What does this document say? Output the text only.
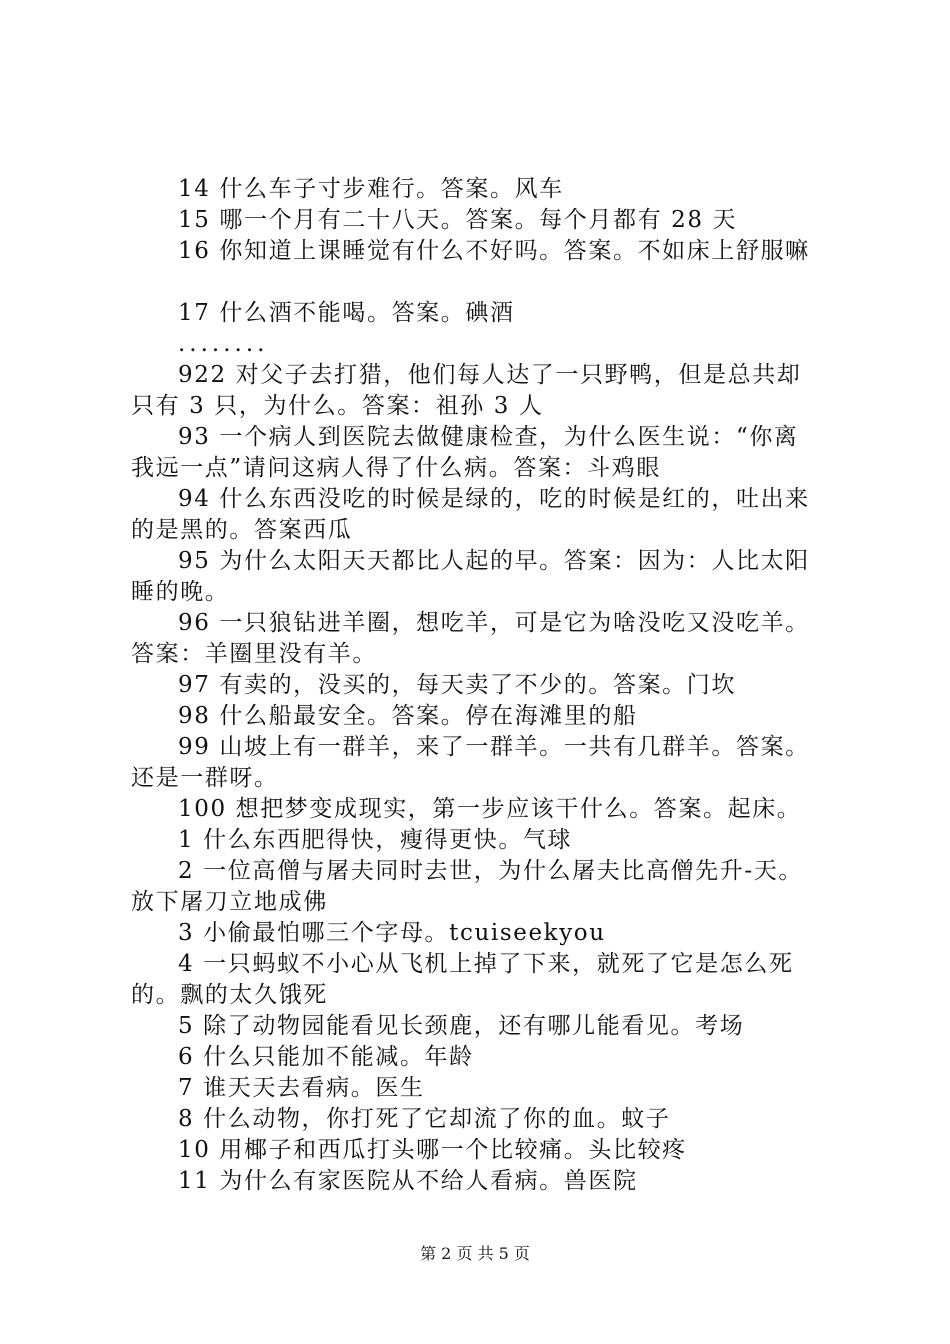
14 什么车子寸步难行。答案。风车
15 哪一个月有二十八天。答案。每个月都有 28 天
16 你知道上课睡觉有什么不好吗。答案。不如床上舒服嘛
17 什么酒不能喝。答案。碘酒
........
922 对父子去打猎，他们每人达了一只野鸭，但是总共却
只有 3 只，为什么。答案：祖孙 3 人
93 一个病人到医院去做健康检查，为什么医生说：“你离
我远一点”请问这病人得了什么病。答案：斗鸡眼
94 什么东西没吃的时候是绿的，吃的时候是红的，吐出来
的是黑的。答案西瓜
95 为什么太阳天天都比人起的早。答案：因为：人比太阳
睡的晚。
96 一只狼钻进羊圈，想吃羊，可是它为啥没吃又没吃羊。
答案：羊圈里没有羊。
97 有卖的，没买的，每天卖了不少的。答案。门坎
98 什么船最安全。答案。停在海滩里的船
99 山坡上有一群羊，来了一群羊。一共有几群羊。答案。
还是一群呀。
100 想把梦变成现实，第一步应该干什么。答案。起床。
1 什么东西肥得快，瘦得更快。气球
2 一位高僧与屠夫同时去世，为什么屠夫比高僧先升-天。
放下屠刀立地成佛
3 小偷最怕哪三个字母。tcuiseekyou
4 一只蚂蚁不小心从飞机上掉了下来，就死了它是怎么死
的。飘的太久饿死
5 除了动物园能看见长颈鹿，还有哪儿能看见。考场
6 什么只能加不能减。年龄
7 谁天天去看病。医生
8 什么动物，你打死了它却流了你的血。蚊子
10 用椰子和西瓜打头哪一个比较痛。头比较疼
11 为什么有家医院从不给人看病。兽医院
第 2 页 共 5 页
